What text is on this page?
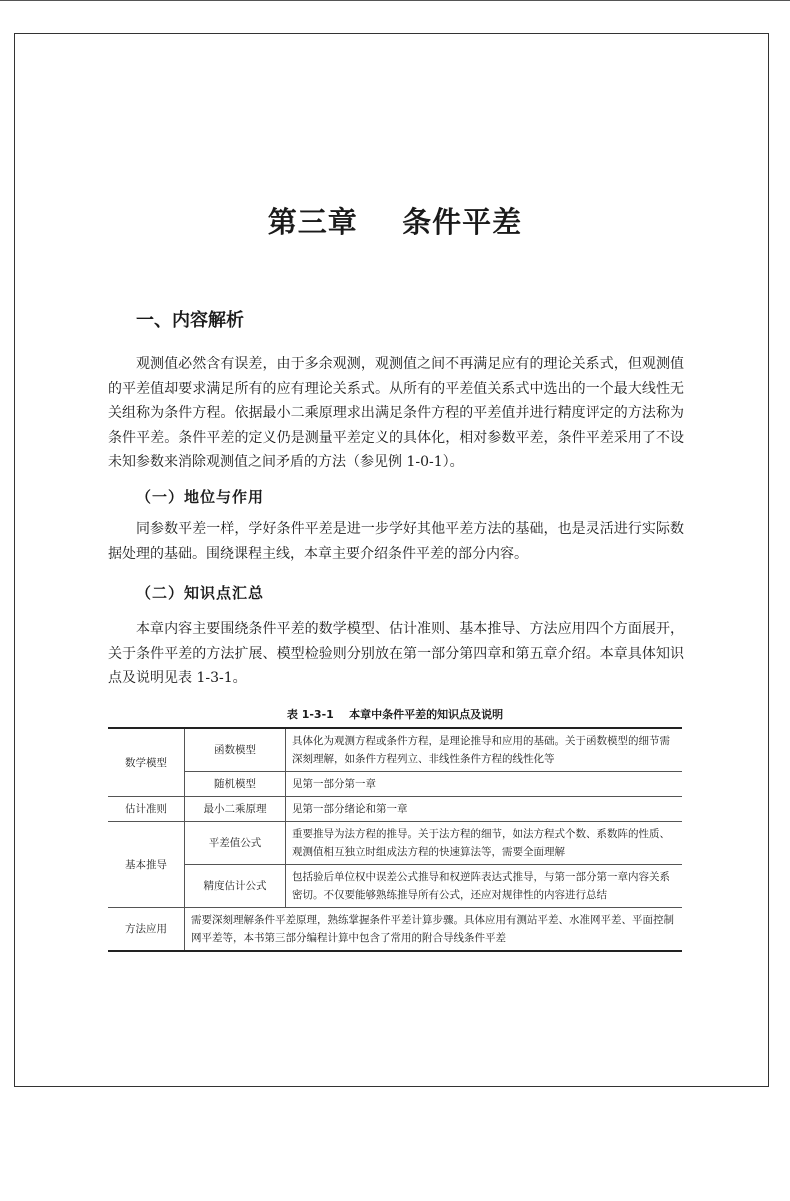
第三章    条件平差
一、内容解析

观测值必然含有误差，由于多余观测，观测值之间不再满足应有的理论关系式，但观测值的平差值却要求满足所有的应有理论关系式。从所有的平差值关系式中选出的一个最大线性无关组称为条件方程。依据最小二乘原理求出满足条件方程的平差值并进行精度评定的方法称为条件平差。条件平差的定义仍是测量平差定义的具体化，相对参数平差，条件平差采用了不设未知参数来消除观测值之间矛盾的方法（参见例 1-0-1）。

（一）地位与作用

同参数平差一样，学好条件平差是进一步学好其他平差方法的基础，也是灵活进行实际数据处理的基础。围绕课程主线，本章主要介绍条件平差的部分内容。

（二）知识点汇总

本章内容主要围绕条件平差的数学模型、估计准则、基本推导、方法应用四个方面展开，关于条件平差的方法扩展、模型检验则分别放在第一部分第四章和第五章介绍。本章具体知识点及说明见表 1-3-1。

表 1-3-1    本章中条件平差的知识点及说明
数学模型	函数模型	具体化为观测方程或条件方程，是理论推导和应用的基础。关于函数模型的细节需深刻理解，如条件方程列立、非线性条件方程的线性化等
	随机模型	见第一部分第一章
估计准则	最小二乘原理	见第一部分绪论和第一章
基本推导	平差值公式	重要推导为法方程的推导。关于法方程的细节，如法方程式个数、系数阵的性质、观测值相互独立时组成法方程的快速算法等，需要全面理解
	精度估计公式	包括验后单位权中误差公式推导和权逆阵表达式推导，与第一部分第一章内容关系密切。不仅要能够熟练推导所有公式，还应对规律性的内容进行总结
方法应用	需要深刻理解条件平差原理，熟练掌握条件平差计算步骤。具体应用有测站平差、水准网平差、平面控制网平差等，本书第三部分编程计算中包含了常用的附合导线条件平差	
